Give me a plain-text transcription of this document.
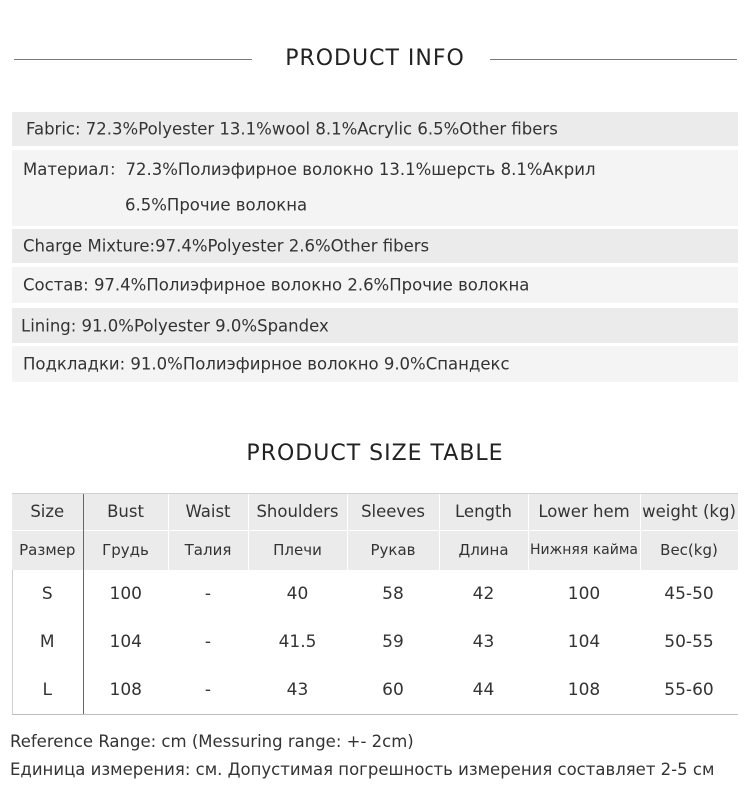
PRODUCT INFO
Fabric: 72.3%Polyester 13.1%wool 8.1%Acrylic 6.5%Other fibers
Материал：72.3%Полиэфирное волокно 13.1%шерсть 8.1%Акрил
6.5%Прочие волокна
Charge Mixture:97.4%Polyester 2.6%Other fibers
Состав: 97.4%Полиэфирное волокно 2.6%Прочие волокна
Lining: 91.0%Polyester 9.0%Spandex
Подкладки: 91.0%Полиэфирное волокно 9.0%Спандекс
PRODUCT SIZE TABLE
Size	Bust	Waist	Shoulders	Sleeves	Length	Lower hem	weight (kg)
Размер	Грудь	Талия	Плечи	Рукав	Длина	Нижняя кайма	Вес(kg)
S	100	-	40	58	42	100	45-50
M	104	-	41.5	59	43	104	50-55
L	108	-	43	60	44	108	55-60
Reference Range: cm (Messuring range: +- 2cm)
Единица измерения: см. Допустимая погрешность измерения составляет 2-5 см
